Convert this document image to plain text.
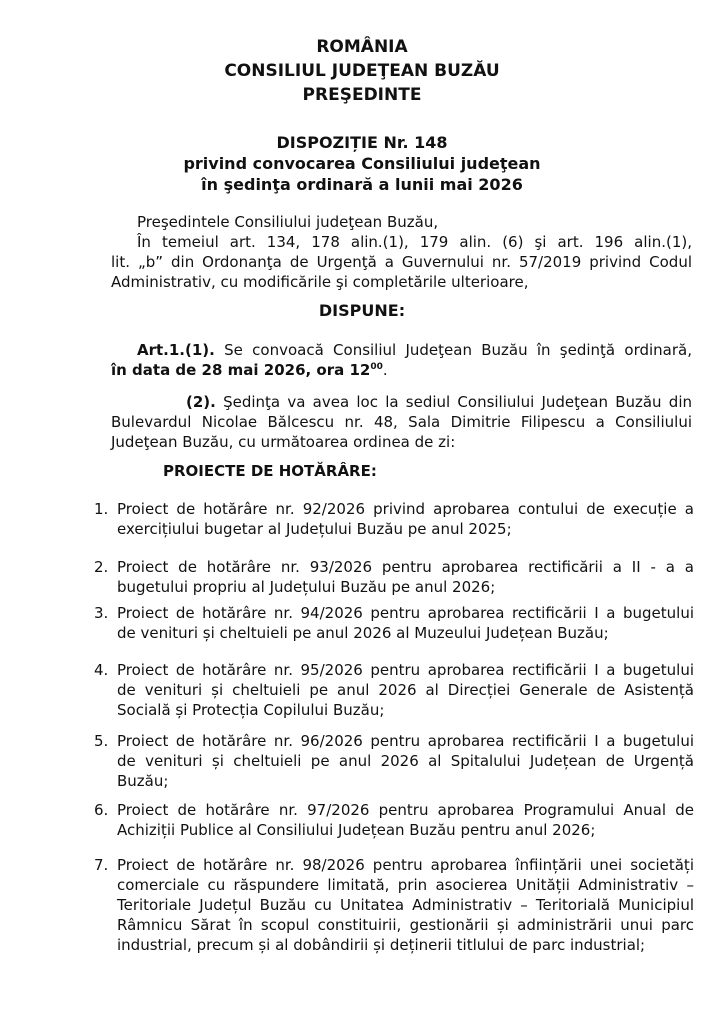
ROMÂNIA
CONSILIUL JUDEŢEAN BUZĂU
PREŞEDINTE
DISPOZIȚIE Nr. 148
privind convocarea Consiliului judeţean
în şedinţa ordinară a lunii mai 2026
Preşedintele Consiliului judeţean Buzău,
În temeiul art. 134, 178 alin.(1), 179 alin. (6) şi art. 196 alin.(1),
lit. „b” din Ordonanţa de Urgenţă a Guvernului nr. 57/2019 privind Codul
Administrativ, cu modificările şi completările ulterioare,
DISPUNE:
Art.1.(1). Se convoacă Consiliul Judeţean Buzău în şedinţă ordinară,
în data de 28 mai 2026, ora $12^{00}$.
(2). Şedinţa va avea loc la sediul Consiliului Judeţean Buzău din
Bulevardul Nicolae Bălcescu nr. 48, Sala Dimitrie Filipescu a Consiliului
Judeţean Buzău, cu următoarea ordinea de zi:
PROIECTE DE HOTĂRÂRE:
1. Proiect de hotărâre nr. 92/2026 privind aprobarea contului de execuție a
exercițiului bugetar al Județului Buzău pe anul 2025;
2. Proiect de hotărâre nr. 93/2026 pentru aprobarea rectificării a II - a a
bugetului propriu al Județului Buzău pe anul 2026;
3. Proiect de hotărâre nr. 94/2026 pentru aprobarea rectificării I a bugetului
de venituri și cheltuieli pe anul 2026 al Muzeului Județean Buzău;
4. Proiect de hotărâre nr. 95/2026 pentru aprobarea rectificării I a bugetului
de venituri și cheltuieli pe anul 2026 al Direcției Generale de Asistență
Socială și Protecția Copilului Buzău;
5. Proiect de hotărâre nr. 96/2026 pentru aprobarea rectificării I a bugetului
de venituri și cheltuieli pe anul 2026 al Spitalului Județean de Urgență
Buzău;
6. Proiect de hotărâre nr. 97/2026 pentru aprobarea Programului Anual de
Achiziții Publice al Consiliului Județean Buzău pentru anul 2026;
7. Proiect de hotărâre nr. 98/2026 pentru aprobarea înființării unei societăți
comerciale cu răspundere limitată, prin asocierea Unității Administrativ –
Teritoriale Județul Buzău cu Unitatea Administrativ – Teritorială Municipiul
Râmnicu Sărat în scopul constituirii, gestionării și administrării unui parc
industrial, precum și al dobândirii și deținerii titlului de parc industrial;
